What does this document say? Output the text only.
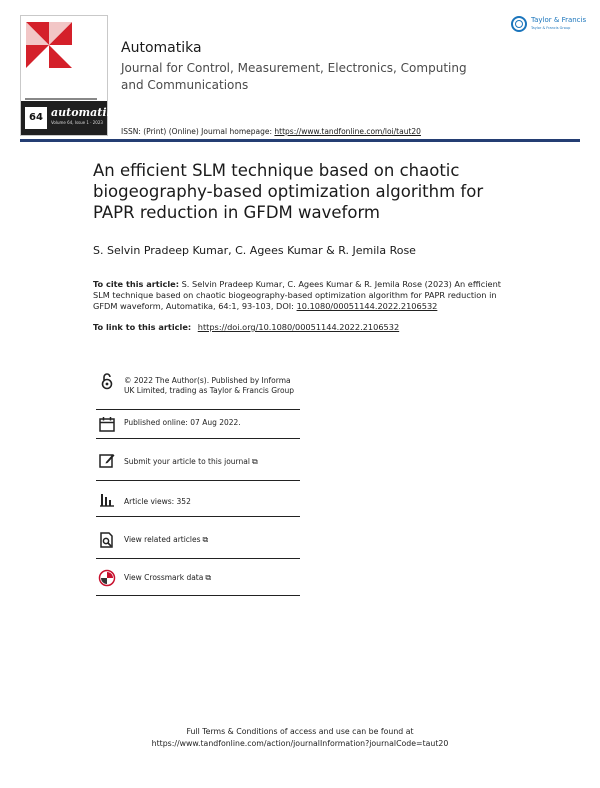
64 automatika
Volume 64, Issue 1 · 2023
Automatika
Journal for Control, Measurement, Electronics, Computing and Communications
ISSN: (Print) (Online) Journal homepage: https://www.tandfonline.com/loi/taut20
Taylor & Francis
Taylor & Francis Group
An efficient SLM technique based on chaotic biogeography-based optimization algorithm for PAPR reduction in GFDM waveform
S. Selvin Pradeep Kumar, C. Agees Kumar & R. Jemila Rose
To cite this article: S. Selvin Pradeep Kumar, C. Agees Kumar & R. Jemila Rose (2023) An efficient SLM technique based on chaotic biogeography-based optimization algorithm for PAPR reduction in GFDM waveform, Automatika, 64:1, 93-103, DOI: 10.1080/00051144.2022.2106532
To link to this article: https://doi.org/10.1080/00051144.2022.2106532
© 2022 The Author(s). Published by Informa UK Limited, trading as Taylor & Francis Group
Published online: 07 Aug 2022.
Submit your article to this journal ⧉
Article views: 352
View related articles ⧉
View Crossmark data ⧉
Full Terms & Conditions of access and use can be found at
https://www.tandfonline.com/action/journalInformation?journalCode=taut20
